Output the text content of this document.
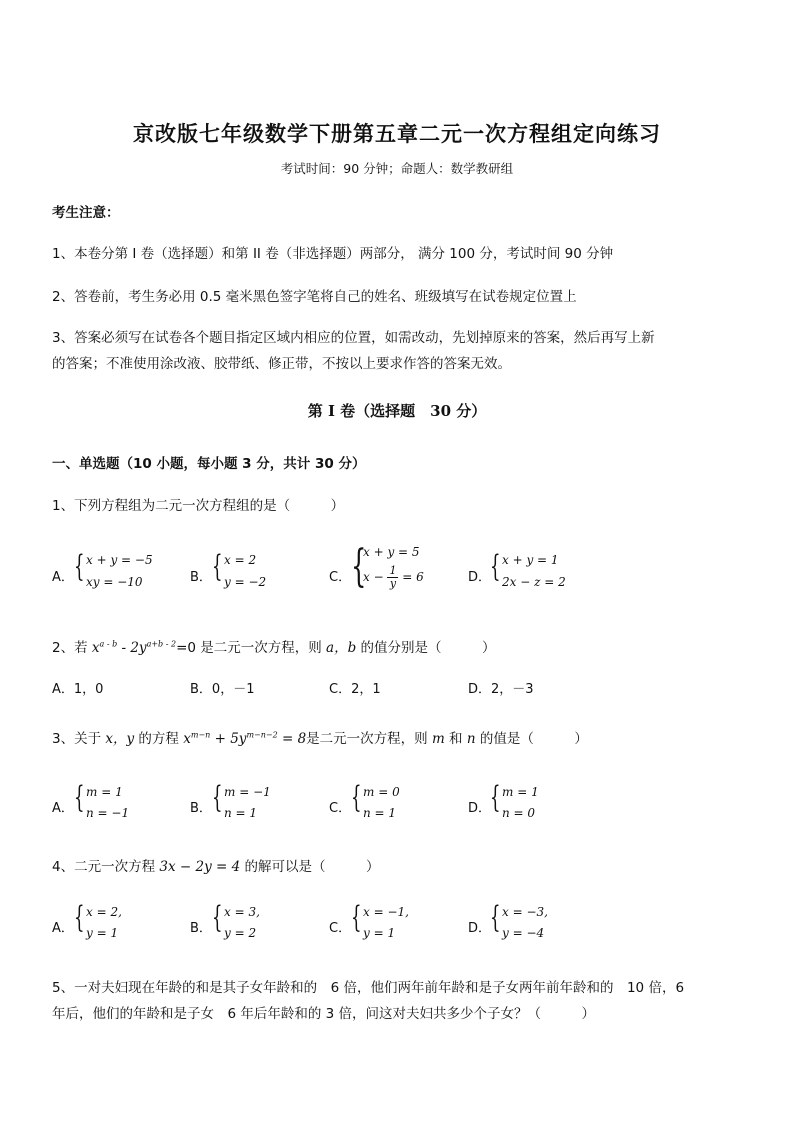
京改版七年级数学下册第五章二元一次方程组定向练习
考试时间：90 分钟；命题人：数学教研组
考生注意：
1、本卷分第 I 卷（选择题）和第 II 卷（非选择题）两部分， 满分 100 分，考试时间 90 分钟
2、答卷前，考生务必用 0.5 毫米黑色签字笔将自己的姓名、班级填写在试卷规定位置上
3、答案必须写在试卷各个题目指定区域内相应的位置，如需改动，先划掉原来的答案，然后再写上新
的答案；不准使用涂改液、胶带纸、修正带，不按以上要求作答的答案无效。
第 I 卷（选择题　30 分）
一、单选题（10 小题，每小题 3 分，共计 30 分）
1、下列方程组为二元一次方程组的是（　　　）
A． { x + y = −5
xy = −10	B． { x = 2
y = −2	C． {
x + y = 5
$x - \frac{1}{y} = 6$	D．
{ x + y = 1
2x − z = 2
2、若 $x^{a - b} - 2y^{a+b - 2}=0$ 是二元一次方程，则 a，b 的值分别是（　　　）
A．1，0	B．0，－1	C．2，1	D．2，－3
3、关于 x，y 的方程 $x^{m-n} + 5y^{m-n-2} = 8$是二元一次方程，则 m 和 n 的值是（　　　）
A． { m = 1
n = −1	B． { m = −1
n = 1	C． { m = 0
n = 1	D．
{ m = 1
n = 0
4、二元一次方程 3x − 2y = 4 的解可以是（　　　）
A． { x = 2,
y = 1	B． { x = 3,
y = 2	C． { x = −1,
y = 1	D．
{ x = −3,
y = −4
5、一对夫妇现在年龄的和是其子女年龄和的　6 倍，他们两年前年龄和是子女两年前年龄和的　10 倍，6
年后，他们的年龄和是子女　6 年后年龄和的 3 倍，问这对夫妇共多少个子女？（　　　）
